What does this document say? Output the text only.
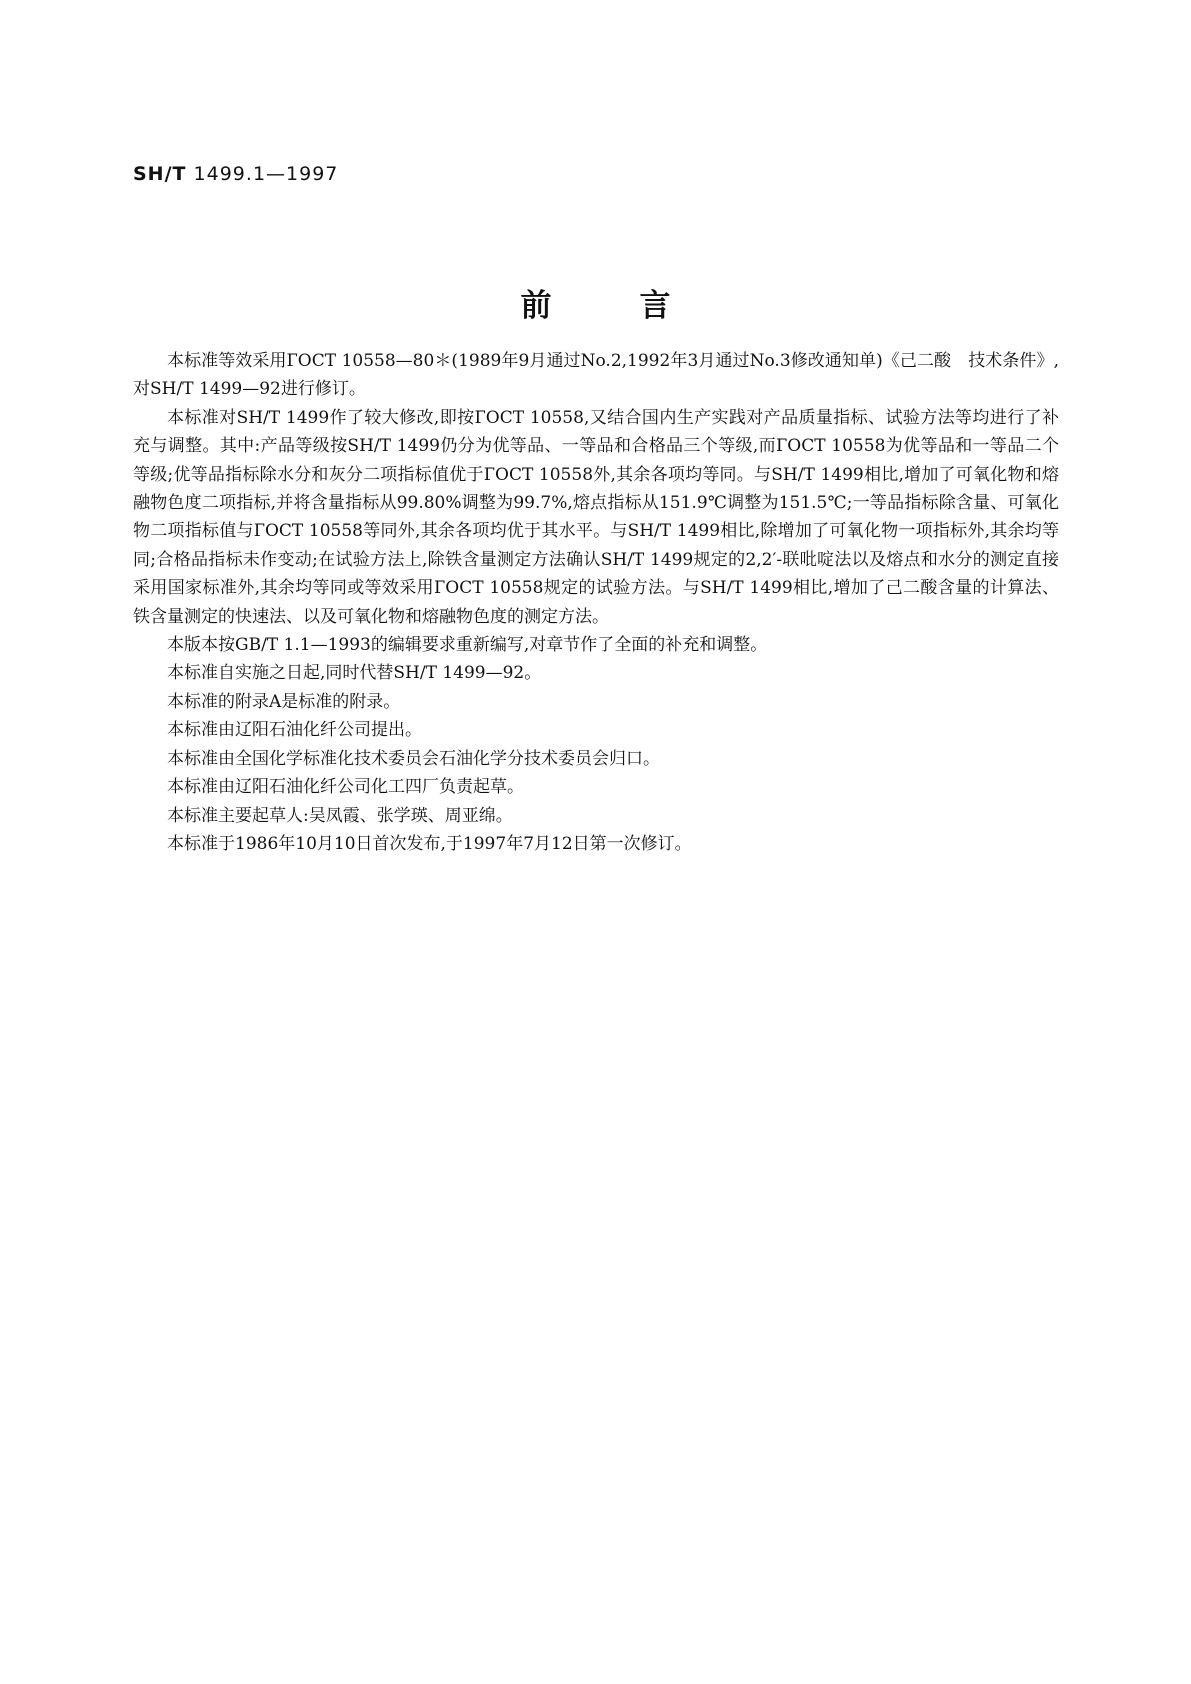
SH/T 1499.1—1997
前言

本标准等效采用ГОСТ 10558—80＊(1989年9月通过No.2,1992年3月通过No.3修改通知单)《己二酸　技术条件》,对SH/T 1499—92进行修订。

本标准对SH/T 1499作了较大修改,即按ГОСТ 10558,又结合国内生产实践对产品质量指标、试验方法等均进行了补充与调整。其中:产品等级按SH/T 1499仍分为优等品、一等品和合格品三个等级,而ГОСТ 10558为优等品和一等品二个等级;优等品指标除水分和灰分二项指标值优于ГОСТ 10558外,其余各项均等同。与SH/T 1499相比,增加了可氧化物和熔融物色度二项指标,并将含量指标从99.80%调整为99.7%,熔点指标从151.9℃调整为151.5℃;一等品指标除含量、可氧化物二项指标值与ГОСТ 10558等同外,其余各项均优于其水平。与SH/T 1499相比,除增加了可氧化物一项指标外,其余均等同;合格品指标未作变动;在试验方法上,除铁含量测定方法确认SH/T 1499规定的2,2′-联吡啶法以及熔点和水分的测定直接采用国家标准外,其余均等同或等效采用ГОСТ 10558规定的试验方法。与SH/T 1499相比,增加了己二酸含量的计算法、铁含量测定的快速法、以及可氧化物和熔融物色度的测定方法。

本版本按GB/T 1.1—1993的编辑要求重新编写,对章节作了全面的补充和调整。

本标准自实施之日起,同时代替SH/T 1499—92。

本标准的附录A是标准的附录。

本标准由辽阳石油化纤公司提出。

本标准由全国化学标准化技术委员会石油化学分技术委员会归口。

本标准由辽阳石油化纤公司化工四厂负责起草。

本标准主要起草人:吴凤霞、张学瑛、周亚绵。

本标准于1986年10月10日首次发布,于1997年7月12日第一次修订。
